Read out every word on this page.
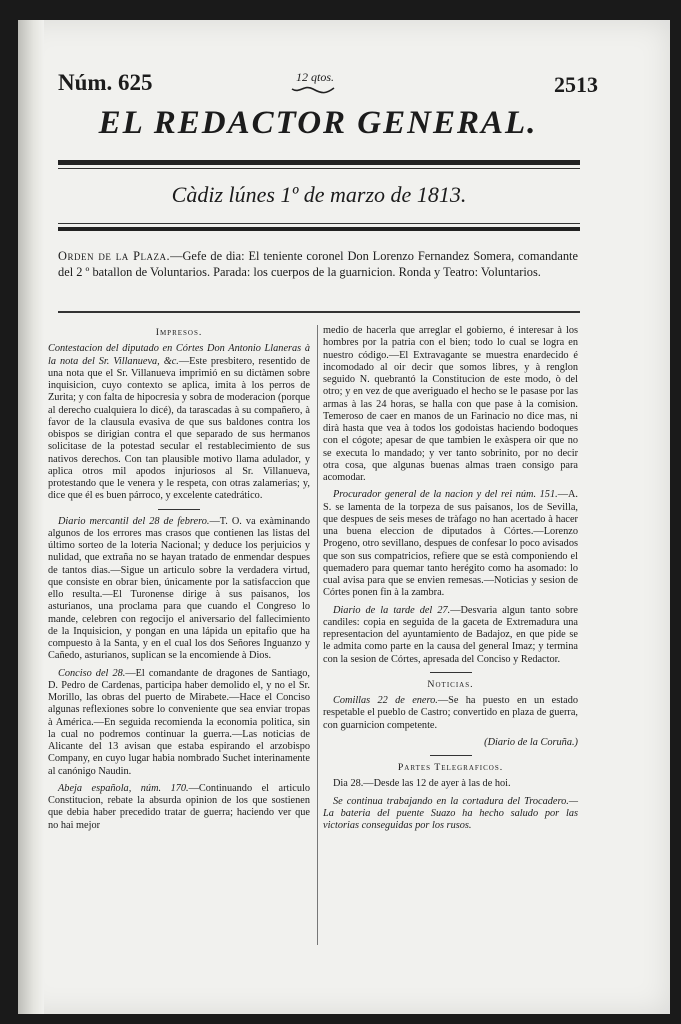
Núm. 625	12 qtos.	2513
EL REDACTOR GENERAL.
Càdiz lúnes 1º de marzo de 1813.
Orden de la Plaza.—Gefe de dia: El teniente coronel Don Lorenzo Fernandez Somera, comandante del 2 º batallon de Voluntarios. Parada: los cuerpos de la guarnicion. Ronda y Teatro: Voluntarios.
Impresos.

Contestacion del diputado en Córtes Don Antonio Llaneras à la nota del Sr. Villanueva, &c.—Este presbitero, resentido de una nota que el Sr. Villanueva imprimió en su dictàmen sobre inquisicion, cuyo contexto se aplica, imita à los perros de Zurita; y con falta de hipocresia y sobra de moderacion (porque al derecho cualquiera lo dicé), da tarascadas à su compañero, à favor de la clausula evasiva de que sus baldones contra los obispos se dirigian contra el que separado de sus hermanos solicitase de la potestad secular el restablecimiento de sus nativos derechos. Con tan plausible motivo llama adulador, y aplica otros mil apodos injuriosos al Sr. Villanueva, protestando que le venera y le respeta, con otras zalamerias; y, dice que él es buen párroco, y excelente catedrático.

Diario mercantil del 28 de febrero.—T. O. va exàminando algunos de los errores mas crasos que contienen las listas del último sorteo de la loteria Nacional; y deduce los perjuicios y nulidad, que extraña no se hayan tratado de enmendar despues de tantos dias.—Sigue un articulo sobre la verdadera virtud, que consiste en obrar bien, únicamente por la satisfaccion que ello resulta.—El Turonense dirige à sus paisanos, los asturianos, una proclama para que cuando el Congreso lo mande, celebren con regocijo el aniversario del fallecimiento de la Inquisicion, y pongan en una lápida un epitafio que ha compuesto à la Santa, y en el cual los dos Señores Inguanzo y Cañedo, asturianos, suplican se la encomiende à Dios.

Conciso del 28.—El comandante de dragones de Santiago, D. Pedro de Cardenas, participa haber demolido el, y no el Sr. Morillo, las obras del puerto de Mirabete.—Hace el Conciso algunas reflexiones sobre lo conveniente que sea enviar tropas à América.—En seguida recomienda la economia politica, sin la cual no podremos continuar la guerra.—Las noticias de Alicante del 13 avisan que estaba espirando el arzobispo Company, en cuyo lugar habia nombrado Suchet interinamente al canónigo Naudin.

Abeja española, núm. 170.—Continuando el articulo Constitucion, rebate la absurda opinion de los que sostienen que debia haber precedido tratar de guerra; haciendo ver que no hai mejor

medio de hacerla que arreglar el gobierno, é interesar à los hombres por la patria con el bien; todo lo cual se logra en nuestro código.—El Extravagante se muestra enardecido é incomodado al oir decir que somos libres, y à renglon seguido N. quebrantó la Constitucion de este modo, ò del otro; y en vez de que averiguado el hecho se le pasase por las armas à las 24 horas, se halla con que pase à la comision. Temeroso de caer en manos de un Farinacio no dice mas, ni dirà hasta que vea à todos los godoistas haciendo bodoques con el cógote; apesar de que tambien le exàspera oir que no se executa lo mandado; y ver tanto sobrinito, por no decir otra cosa, que algunas buenas almas traen consigo para acomodar.

Procurador general de la nacion y del rei núm. 151.—A. S. se lamenta de la torpeza de sus paisanos, los de Sevilla, que despues de seis meses de tràfago no han acertado à hacer una buena eleccion de diputados à Córtes.—Lorenzo Progeno, otro sevillano, despues de confesar lo poco avisados que son sus compatricios, refiere que se està componiendo el quemadero para quemar tanto herégito como ha asomado: lo cual avisa para que se envien remesas.—Noticias y sesion de Córtes ponen fin à la zambra.

Diario de la tarde del 27.—Desvaria algun tanto sobre candiles: copia en seguida de la gaceta de Extremadura una representacion del ayuntamiento de Badajoz, en que pide se le admita como parte en la causa del general Imaz; y termina con la sesion de Córtes, apresada del Conciso y Redactor.

Noticias.

Comillas 22 de enero.—Se ha puesto en un estado respetable el pueblo de Castro; convertido en plaza de guerra, con guarnicion competente.

(Diario de la Coruña.)

Partes Telegraficos.

Dia 28.—Desde las 12 de ayer à las de hoi.

Se continua trabajando en la cortadura del Trocadero.—La bateria del puente Suazo ha hecho saludo por las victorias conseguidas por los rusos.
